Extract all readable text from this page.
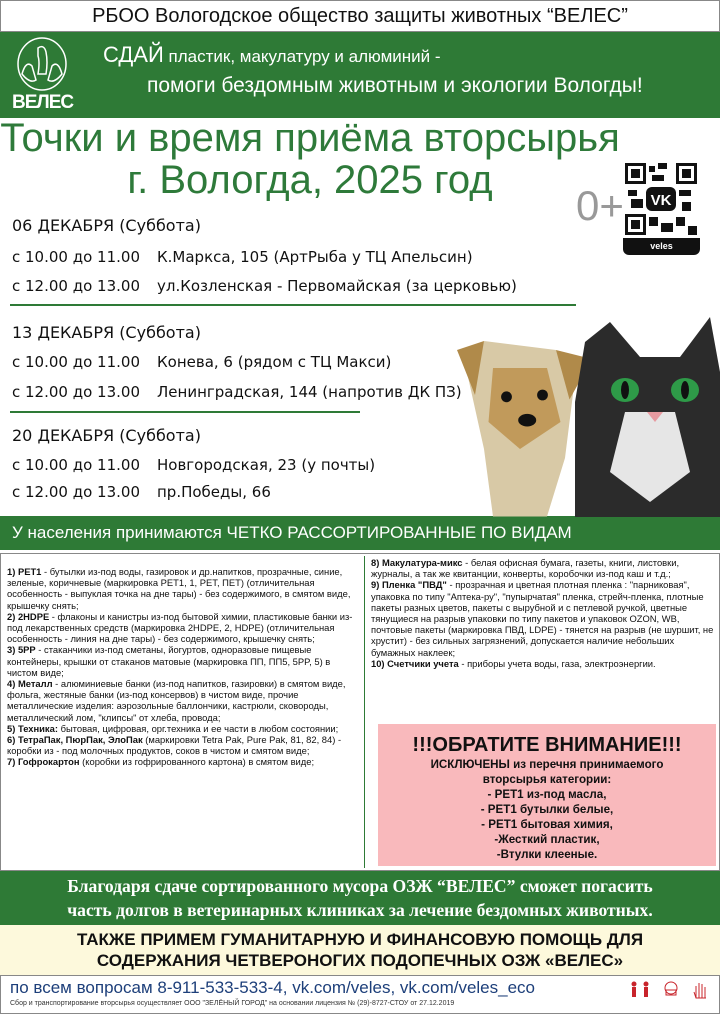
РБОО Вологодское общество защиты животных “ВЕЛЕС”
ВЕЛЕС
СДАЙ пластик, макулатуру и алюминий -
помоги бездомным животным и экологии Вологды!
Точки и время приёма вторсырья
г. Вологда, 2025 год
0+	VK
veles
06 ДЕКАБРЯ (Суббота)
с 10.00 до 11.00 К.Маркса, 105 (АртРыба у ТЦ Апельсин)
с 12.00 до 13.00 ул.Козленская - Первомайская (за церковью)
13 ДЕКАБРЯ (Суббота)
с 10.00 до 11.00 Конева, 6 (рядом с ТЦ Макси)
с 12.00 до 13.00 Ленинградская, 144 (напротив ДК ПЗ)
20 ДЕКАБРЯ (Суббота)
с 10.00 до 11.00 Новгородская, 23 (у почты)
с 12.00 до 13.00 пр.Победы, 66
У населения принимаются ЧЕТКО РАССОРТИРОВАННЫЕ ПО ВИДАМ
1) PET1 - бутылки из-под воды, газировок и др.напитков, прозрачные, синие, зеленые, коричневые (маркировка PET1, 1, PET, ПЕТ) (отличительная особенность - выпуклая точка на дне тары) - без содержимого, в смятом виде, крышечку снять;
2) 2HDPE - флаконы и канистры из-под бытовой химии, пластиковые банки из-под лекарственных средств (маркировка 2HDPE, 2, HDPE) (отличительная особенность - линия на дне тары) - без содержимого, крышечку снять;
3) 5PP - стаканчики из-под сметаны, йогуртов, одноразовые пищевые контейнеры, крышки от стаканов матовые (маркировка ПП, ПП5, 5PP, 5) в чистом виде;
4) Металл - алюминиевые банки (из-под напитков, газировки) в смятом виде, фольга, жестяные банки (из-под консервов) в чистом виде, прочие металлические изделия: аэрозольные баллончики, кастрюли, сковороды, металлический лом, "клипсы" от хлеба, провода;
5) Техника: бытовая, цифровая, орг.техника и ее части в любом состоянии;
6) ТетраПак, ПюрПак, ЭлоПак (маркировки Tetra Pak, Pure Pak, 81, 82, 84) - коробки из - под молочных продуктов, соков в чистом и смятом виде;
7) Гофрокартон (коробки из гофрированного картона) в смятом виде;
8) Макулатура-микс - белая офисная бумага, газеты, книги, листовки, журналы, а так же квитанции, конверты, коробочки из-под каш и т.д.;
9) Пленка "ПВД" - прозрачная и цветная плотная пленка : "парниковая", упаковка по типу "Аптека-ру", "пупырчатая" пленка, стрейч-пленка, плотные пакеты разных цветов, пакеты с вырубной и с петлевой ручкой, цветные тянущиеся на разрыв упаковки по типу пакетов и упаковок OZON, WB, почтовые пакеты (маркировка ПВД, LDPE) - тянется на разрыв (не шуршит, не хрустит) - без сильных загрязнений, допускается наличие небольших бумажных наклеек;
10) Счетчики учета - приборы учета воды, газа, электроэнергии.
!!!ОБРАТИТЕ ВНИМАНИЕ!!!
ИСКЛЮЧЕНЫ из перечня принимаемого
вторсырья категории:
- PET1 из-под масла,
- PET1 бутылки белые,
- PET1 бытовая химия,
-Жесткий пластик,
-Втулки клееные.
Благодаря сдаче сортированного мусора ОЗЖ “ВЕЛЕС” сможет погасить
часть долгов в ветеринарных клиниках за лечение бездомных животных.
ТАКЖЕ ПРИМЕМ ГУМАНИТАРНУЮ И ФИНАНСОВУЮ ПОМОЩЬ ДЛЯ
СОДЕРЖАНИЯ ЧЕТВЕРОНОГИХ ПОДОПЕЧНЫХ ОЗЖ «ВЕЛЕС»
по всем вопросам 8-911-533-533-4, vk.com/veles, vk.com/veles_eco
Сбор и транспортирование вторсырья осуществляет ООО "ЗЕЛЁНЫЙ ГОРОД" на основании лицензия № (29)-8727-СТОУ от 27.12.2019
